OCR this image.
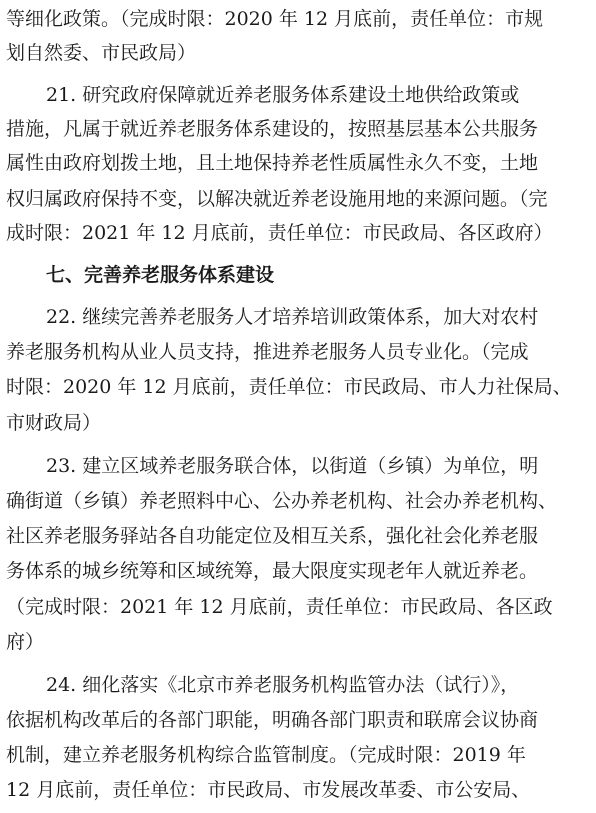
等细化政策。（完成时限：2020 年 12 月底前，责任单位：市规
划自然委、市民政局）
21. 研究政府保障就近养老服务体系建设土地供给政策或
措施，凡属于就近养老服务体系建设的，按照基层基本公共服务
属性由政府划拨土地，且土地保持养老性质属性永久不变，土地
权归属政府保持不变，以解决就近养老设施用地的来源问题。（完
成时限：2021 年 12 月底前，责任单位：市民政局、各区政府）
七、完善养老服务体系建设
22. 继续完善养老服务人才培养培训政策体系，加大对农村
养老服务机构从业人员支持，推进养老服务人员专业化。（完成
时限：2020 年 12 月底前，责任单位：市民政局、市人力社保局、
市财政局）
23. 建立区域养老服务联合体，以街道（乡镇）为单位，明
确街道（乡镇）养老照料中心、公办养老机构、社会办养老机构、
社区养老服务驿站各自功能定位及相互关系，强化社会化养老服
务体系的城乡统筹和区域统筹，最大限度实现老年人就近养老。
（完成时限：2021 年 12 月底前，责任单位：市民政局、各区政
府）
24. 细化落实《北京市养老服务机构监管办法（试行）》，
依据机构改革后的各部门职能，明确各部门职责和联席会议协商
机制，建立养老服务机构综合监管制度。（完成时限：2019 年
12 月底前，责任单位：市民政局、市发展改革委、市公安局、
